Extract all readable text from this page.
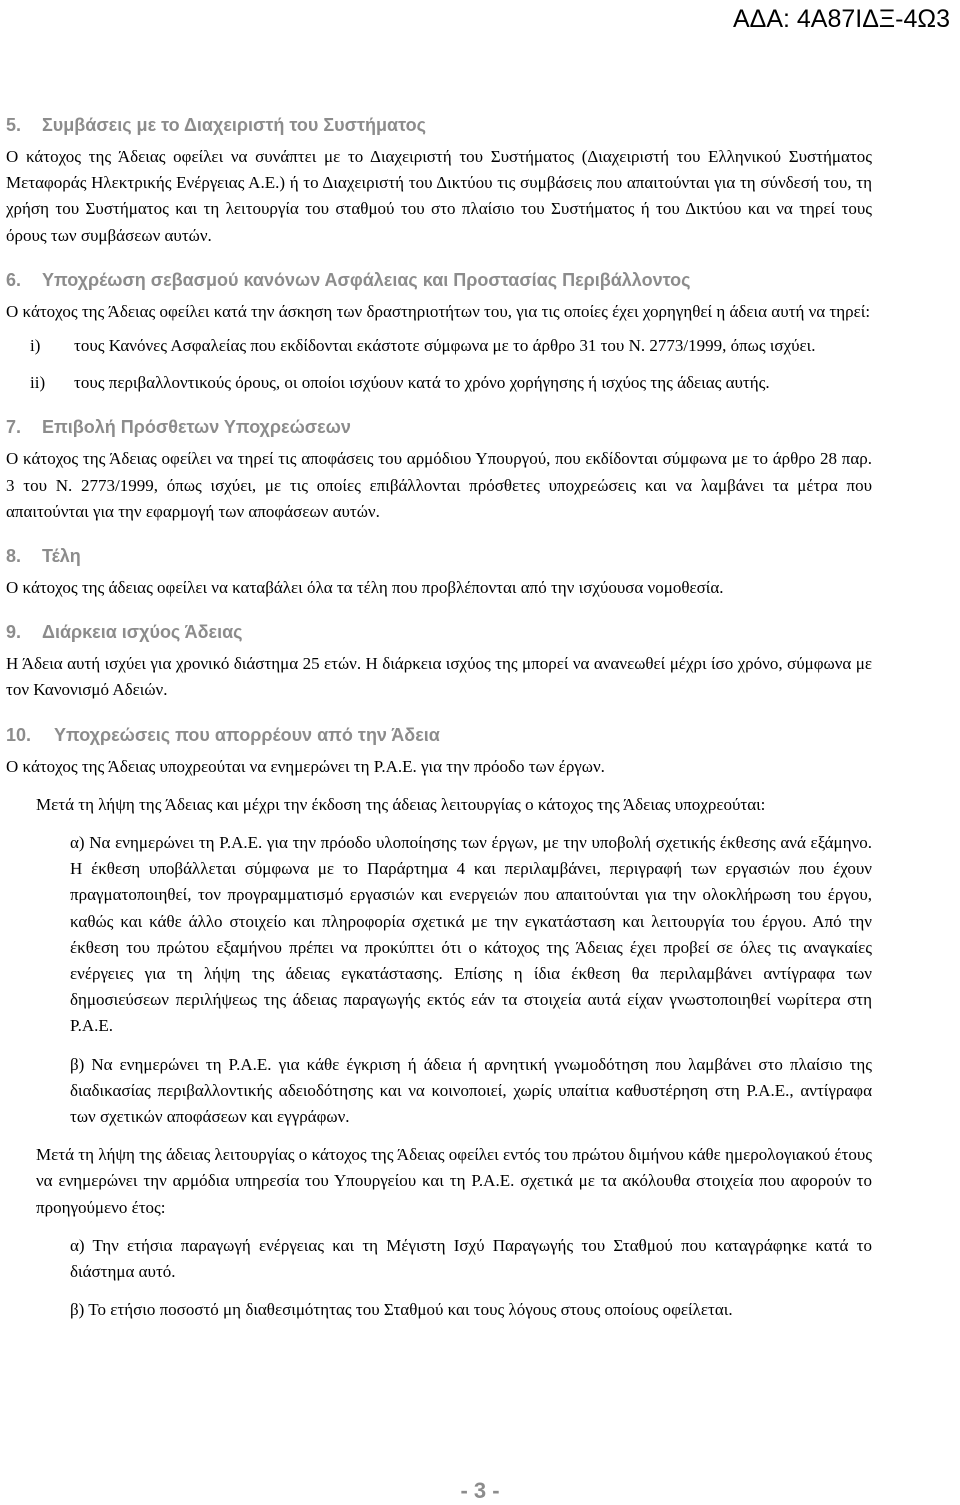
ΑΔΑ: 4Α87ΙΔΞ-4Ω3
5. Συμβάσεις με το Διαχειριστή του Συστήματος

Ο κάτοχος της Άδειας οφείλει να συνάπτει με το Διαχειριστή του Συστήματος (Διαχειριστή του Ελληνικού Συστήματος Μεταφοράς Ηλεκτρικής Ενέργειας Α.Ε.) ή το Διαχειριστή του Δικτύου τις συμβάσεις που απαιτούνται για τη σύνδεσή του, τη χρήση του Συστήματος και τη λειτουργία του σταθμού του στο πλαίσιο του Συστήματος ή του Δικτύου και να τηρεί τους όρους των συμβάσεων αυτών.

6. Υποχρέωση σεβασμού κανόνων Ασφάλειας και Προστασίας Περιβάλλοντος

Ο κάτοχος της Άδειας οφείλει κατά την άσκηση των δραστηριοτήτων του, για τις οποίες έχει χορηγηθεί η άδεια αυτή να τηρεί:

i)	τους Κανόνες Ασφαλείας που εκδίδονται εκάστοτε σύμφωνα με το άρθρο 31 του Ν. 2773/1999, όπως ισχύει.
ii)	τους περιβαλλοντικούς όρους, οι οποίοι ισχύουν κατά το χρόνο χορήγησης ή ισχύος της άδειας αυτής.
7. Επιβολή Πρόσθετων Υποχρεώσεων

Ο κάτοχος της Άδειας οφείλει να τηρεί τις αποφάσεις του αρμόδιου Υπουργού, που εκδίδονται σύμφωνα με το άρθρο 28 παρ. 3 του Ν. 2773/1999, όπως ισχύει, με τις οποίες επιβάλλονται πρόσθετες υποχρεώσεις και να λαμβάνει τα μέτρα που απαιτούνται για την εφαρμογή των αποφάσεων αυτών.

8. Τέλη

Ο κάτοχος της άδειας οφείλει να καταβάλει όλα τα τέλη που προβλέπονται από την ισχύουσα νομοθεσία.

9. Διάρκεια ισχύος Άδειας

Η Άδεια αυτή ισχύει για χρονικό διάστημα 25 ετών. Η διάρκεια ισχύος της μπορεί να ανανεωθεί μέχρι ίσο χρόνο, σύμφωνα με τον Κανονισμό Αδειών.

10. Υποχρεώσεις που απορρέουν από την Άδεια

Ο κάτοχος της Άδειας υποχρεούται να ενημερώνει τη Ρ.Α.Ε. για την πρόοδο των έργων.

Μετά τη λήψη της Άδειας και μέχρι την έκδοση της άδειας λειτουργίας ο κάτοχος της Άδειας υποχρεούται:

α) Να ενημερώνει τη Ρ.Α.Ε. για την πρόοδο υλοποίησης των έργων, με την υποβολή σχετικής έκθεσης ανά εξάμηνο. Η έκθεση υποβάλλεται σύμφωνα με το Παράρτημα 4 και περιλαμβάνει, περιγραφή των εργασιών που έχουν πραγματοποιηθεί, τον προγραμματισμό εργασιών και ενεργειών που απαιτούνται για την ολοκλήρωση του έργου, καθώς και κάθε άλλο στοιχείο και πληροφορία σχετικά με την εγκατάσταση και λειτουργία του έργου. Από την έκθεση του πρώτου εξαμήνου πρέπει να προκύπτει ότι ο κάτοχος της Άδειας έχει προβεί σε όλες τις αναγκαίες ενέργειες για τη λήψη της άδειας εγκατάστασης. Επίσης η ίδια έκθεση θα περιλαμβάνει αντίγραφα των δημοσιεύσεων περιλήψεως της άδειας παραγωγής εκτός εάν τα στοιχεία αυτά είχαν γνωστοποιηθεί νωρίτερα στη Ρ.Α.Ε.

β) Να ενημερώνει τη Ρ.Α.Ε. για κάθε έγκριση ή άδεια ή αρνητική γνωμοδότηση που λαμβάνει στο πλαίσιο της διαδικασίας περιβαλλοντικής αδειοδότησης και να κοινοποιεί, χωρίς υπαίτια καθυστέρηση στη Ρ.Α.Ε., αντίγραφα των σχετικών αποφάσεων και εγγράφων.

Μετά τη λήψη της άδειας λειτουργίας ο κάτοχος της Άδειας οφείλει εντός του πρώτου διμήνου κάθε ημερολογιακού έτους να ενημερώνει την αρμόδια υπηρεσία του Υπουργείου και τη Ρ.Α.Ε. σχετικά με τα ακόλουθα στοιχεία που αφορούν το προηγούμενο έτος:

α) Την ετήσια παραγωγή ενέργειας και τη Μέγιστη Ισχύ Παραγωγής του Σταθμού που καταγράφηκε κατά το διάστημα αυτό.

β) Το ετήσιο ποσοστό μη διαθεσιμότητας του Σταθμού και τους λόγους στους οποίους οφείλεται.

- 3 -
